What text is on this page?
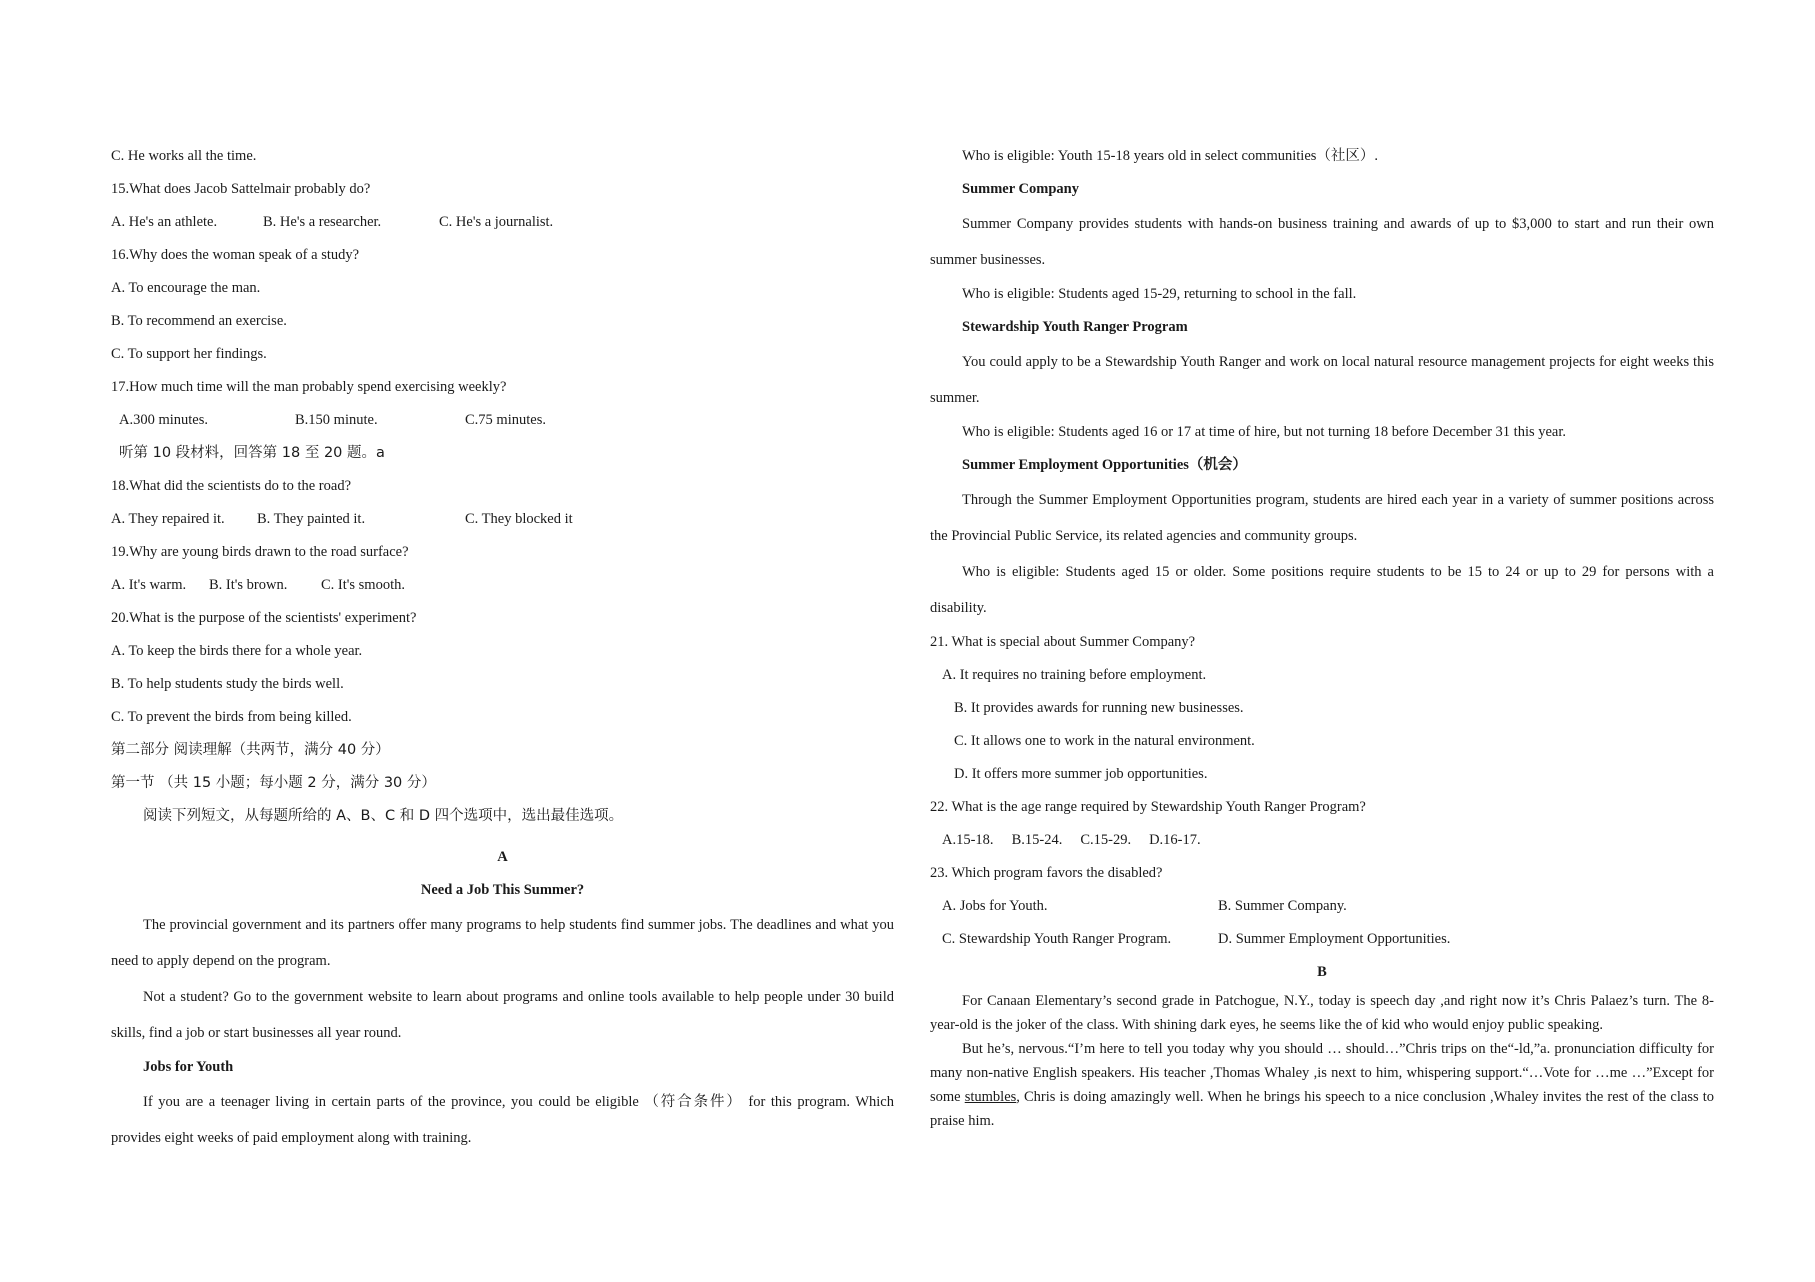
C. He works all the time.

15.What does Jacob Sattelmair probably do?

A. He's an athlete.	B. He's a researcher.	C. He's a journalist.

16.Why does the woman speak of a study?

A. To encourage the man.

B. To recommend an exercise.

C. To support her findings.

17.How much time will the man probably spend exercising weekly?

A.300 minutes.	B.150 minute.	C.75 minutes.

听第 10 段材料，回答第 18 至 20 题。a

18.What did the scientists do to the road?

A. They repaired it. B. They painted it.	C. They blocked it

19.Why are young birds drawn to the road surface?

A. It's warm. B. It's brown. C. It's smooth.

20.What is the purpose of the scientists' experiment?

A. To keep the birds there for a whole year.

B. To help students study the birds well.

C. To prevent the birds from being killed.

第二部分 阅读理解（共两节，满分 40 分）

第一节 （共 15 小题；每小题 2 分，满分 30 分）

阅读下列短文，从每题所给的 A、B、C 和 D 四个选项中，选出最佳选项。

A

Need a Job This Summer?

The provincial government and its partners offer many programs to help students find summer jobs. The deadlines and what you need to apply depend on the program.

Not a student? Go to the government website to learn about programs and online tools available to help people under 30 build skills, find a job or start businesses all year round.

Jobs for Youth

If you are a teenager living in certain parts of the province, you could be eligible （符合条件） for this program. Which provides eight weeks of paid employment along with training.

Who is eligible: Youth 15-18 years old in select communities（社区）.

Summer Company

Summer Company provides students with hands-on business training and awards of up to $3,000 to start and run their own summer businesses.

Who is eligible: Students aged 15-29, returning to school in the fall.

Stewardship Youth Ranger Program

You could apply to be a Stewardship Youth Ranger and work on local natural resource management projects for eight weeks this summer.

Who is eligible: Students aged 16 or 17 at time of hire, but not turning 18 before December 31 this year.

Summer Employment Opportunities（机会）

Through the Summer Employment Opportunities program, students are hired each year in a variety of summer positions across the Provincial Public Service, its related agencies and community groups.

Who is eligible: Students aged 15 or older. Some positions require students to be 15 to 24 or up to 29 for persons with a disability.

21. What is special about Summer Company?

A. It requires no training before employment.

B. It provides awards for running new businesses.

C. It allows one to work in the natural environment.

D. It offers more summer job opportunities.

22. What is the age range required by Stewardship Youth Ranger Program?

A.15-18. B.15-24. C.15-29. D.16-17.

23. Which program favors the disabled?

A. Jobs for Youth.	B. Summer Company.

C. Stewardship Youth Ranger Program.	D. Summer Employment Opportunities.

B

For Canaan Elementary’s second grade in Patchogue, N.Y., today is speech day ,and right now it’s Chris Palaez’s turn. The 8-year-old is the joker of the class. With shining dark eyes, he seems like the of kid who would enjoy public speaking.

But he’s, nervous.“I’m here to tell you today why you should … should…”Chris trips on the“-ld,”a. pronunciation difficulty for many non-native English speakers. His teacher ,Thomas Whaley ,is next to him, whispering support.“…Vote for …me …”Except for some stumbles, Chris is doing amazingly well. When he brings his speech to a nice conclusion ,Whaley invites the rest of the class to praise him.
